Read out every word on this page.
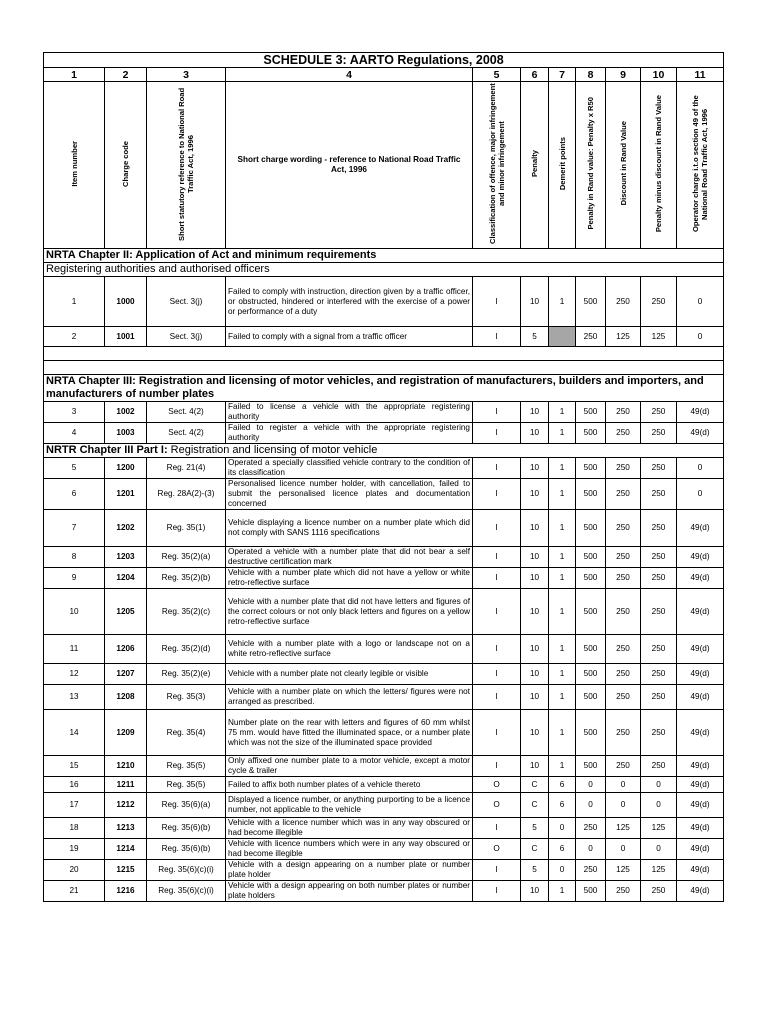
SCHEDULE 3: AARTO Regulations, 2008										
1	2	3	4	5	6	7	8	9	10	11
Item number	Charge code	Short statutory reference to National Road Traffic Act, 1996	Short charge wording - reference to National Road Traffic Act, 1996	Classification of offence, major infringement and minor infringement	Penalty	Demerit points	Penalty in Rand value: Penalty x R50	Discount in Rand Value	Penalty minus discount in Rand Value	Operator charge i.t.o section 49 of the National Road Traffic Act, 1996
NRTA Chapter II: Application of Act and minimum requirements										
Registering authorities and authorised officers										
1	1000	Sect. 3(j)	Failed to comply with instruction, direction given by a traffic officer, or obstructed, hindered or interfered with the exercise of a power or performance of a duty	I	10	1	500	250	250	0
2	1001	Sect. 3(j)	Failed to comply with a signal from a traffic officer	I	5		250	125	125	0

NRTA Chapter III: Registration and licensing of motor vehicles, and registration of manufacturers, builders and importers, and manufacturers of number plates										
3	1002	Sect. 4(2)	Failed to license a vehicle with the appropriate registering authority	I	10	1	500	250	250	49(d)
4	1003	Sect. 4(2)	Failed to register a vehicle with the appropriate registering authority	I	10	1	500	250	250	49(d)
NRTR Chapter III Part I: Registration and licensing of motor vehicle										
5	1200	Reg. 21(4)	Operated a specially classified vehicle contrary to the condition of its classification	I	10	1	500	250	250	0
6	1201	Reg. 28A(2)-(3)	Personalised licence number holder, with cancellation, failed to submit the personalised licence plates and documentation concerned	I	10	1	500	250	250	0
7	1202	Reg. 35(1)	Vehicle displaying a licence number on a number plate which did not comply with SANS 1116 specifications	I	10	1	500	250	250	49(d)
8	1203	Reg. 35(2)(a)	Operated a vehicle with a number plate that did not bear a self destructive certification mark	I	10	1	500	250	250	49(d)
9	1204	Reg. 35(2)(b)	Vehicle with a number plate which did not have a yellow or white retro-reflective surface	I	10	1	500	250	250	49(d)
10	1205	Reg. 35(2)(c)	Vehicle with a number plate that did not have letters and figures of the correct colours or not only black letters and figures on a yellow retro-reflective surface	I	10	1	500	250	250	49(d)
11	1206	Reg. 35(2)(d)	Vehicle with a number plate with a logo or landscape not on a white retro-reflective surface	I	10	1	500	250	250	49(d)
12	1207	Reg. 35(2)(e)	Vehicle with a number plate not clearly legible or visible	I	10	1	500	250	250	49(d)
13	1208	Reg. 35(3)	Vehicle with a number plate on which the letters/ figures were not arranged as prescribed.	I	10	1	500	250	250	49(d)
14	1209	Reg. 35(4)	Number plate on the rear with letters and figures of 60 mm whilst 75 mm. would have fitted the illuminated space, or a number plate which was not the size of the illuminated space provided	I	10	1	500	250	250	49(d)
15	1210	Reg. 35(5)	Only affixed one number plate to a motor vehicle, except a motor cycle & trailer	I	10	1	500	250	250	49(d)
16	1211	Reg. 35(5)	Failed to affix both number plates of a vehicle thereto	O	C	6	0	0	0	49(d)
17	1212	Reg. 35(6)(a)	Displayed a licence number, or anything purporting to be a licence number, not applicable to the vehicle	O	C	6	0	0	0	49(d)
18	1213	Reg. 35(6)(b)	Vehicle with a licence number which was in any way obscured or had become illegible	I	5	0	250	125	125	49(d)
19	1214	Reg. 35(6)(b)	Vehicle with licence numbers which were in any way obscured or had become illegible	O	C	6	0	0	0	49(d)
20	1215	Reg. 35(6)(c)(i)	Vehicle with a design appearing on a number plate or number plate holder	I	5	0	250	125	125	49(d)
21	1216	Reg. 35(6)(c)(i)	Vehicle with a design appearing on both number plates or number plate holders	I	10	1	500	250	250	49(d)
